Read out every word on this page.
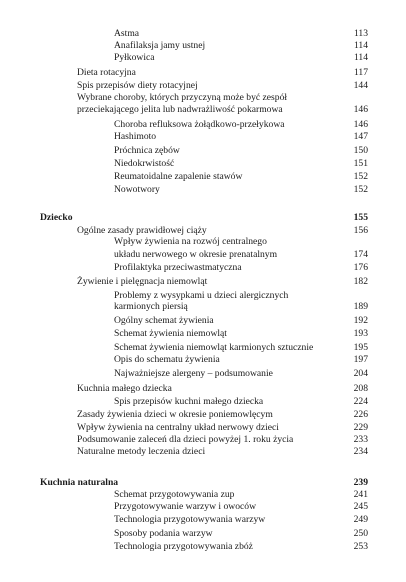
Astma	113
Anafilaksja jamy ustnej	114
Pyłkowica	114
Dieta rotacyjna	117
Spis przepisów diety rotacyjnej	144
Wybrane choroby, których przyczyną może być zespół
przeciekającego jelita lub nadwrażliwość pokarmowa	146
Choroba refluksowa żołądkowo-przełykowa	146
Hashimoto	147
Próchnica zębów	150
Niedokrwistość	151
Reumatoidalne zapalenie stawów	152
Nowotwory	152
Dziecko	155
Ogólne zasady prawidłowej ciąży	156
Wpływ żywienia na rozwój centralnego
układu nerwowego w okresie prenatalnym	174
Profilaktyka przeciwastmatyczna	176
Żywienie i pielęgnacja niemowląt	182
Problemy z wysypkami u dzieci alergicznych
karmionych piersią	189
Ogólny schemat żywienia	192
Schemat żywienia niemowląt	193
Schemat żywienia niemowląt karmionych sztucznie	195
Opis do schematu żywienia	197
Najważniejsze alergeny – podsumowanie	204
Kuchnia małego dziecka	208
Spis przepisów kuchni małego dziecka	224
Zasady żywienia dzieci w okresie poniemowlęcym	226
Wpływ żywienia na centralny układ nerwowy dzieci	229
Podsumowanie zaleceń dla dzieci powyżej 1. roku życia	233
Naturalne metody leczenia dzieci	234
Kuchnia naturalna	239
Schemat przygotowywania zup	241
Przygotowywanie warzyw i owoców	245
Technologia przygotowywania warzyw	249
Sposoby podania warzyw	250
Technologia przygotowywania zbóż	253
